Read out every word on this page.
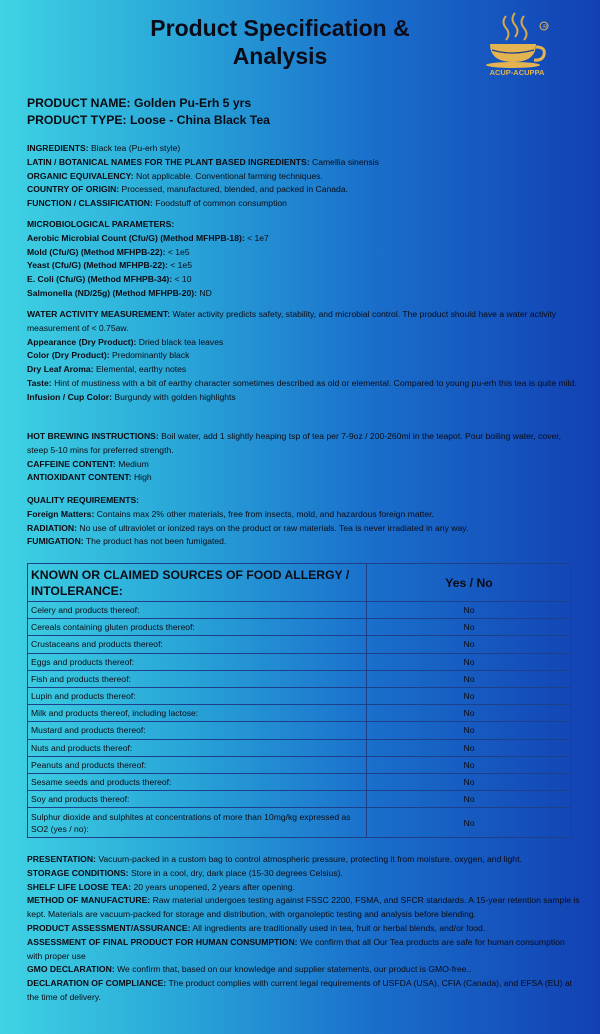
Product Specification &
Analysis
R
ACUP-ACUPPA
PRODUCT NAME: Golden Pu-Erh 5 yrs
PRODUCT TYPE: Loose - China Black Tea
INGREDIENTS: Black tea (Pu-erh style)
LATIN / BOTANICAL NAMES FOR THE PLANT BASED INGREDIENTS: Camellia sinensis
ORGANIC EQUIVALENCY: Not applicable. Conventional farming techniques.
COUNTRY OF ORIGIN: Processed, manufactured, blended, and packed in Canada.
FUNCTION / CLASSIFICATION: Foodstuff of common consumption
MICROBIOLOGICAL PARAMETERS:
Aerobic Microbial Count (Cfu/G) (Method MFHPB-18): < 1e7
Mold (Cfu/G) (Method MFHPB-22): < 1e5
Yeast (Cfu/G) (Method MFHPB-22): < 1e5
E. Coli (Cfu/G) (Method MFHPB-34): < 10
Salmonella (ND/25g) (Method MFHPB-20): ND
WATER ACTIVITY MEASUREMENT: Water activity predicts safety, stability, and microbial control. The product should have a water activity measurement of < 0.75aw.
Appearance (Dry Product): Dried black tea leaves
Color (Dry Product): Predominantly black
Dry Leaf Aroma: Elemental, earthy notes
Taste: Hint of mustiness with a bit of earthy character sometimes described as old or elemental. Compared to young pu-erh this tea is quite mild.
Infusion / Cup Color: Burgundy with golden highlights
HOT BREWING INSTRUCTIONS: Boil water, add 1 slightly heaping tsp of tea per 7-9oz / 200-260ml in the teapot. Pour boiling water, cover, steep 5-10 mins for preferred strength.
CAFFEINE CONTENT: Medium
ANTIOXIDANT CONTENT: High
QUALITY REQUIREMENTS:
Foreign Matters: Contains max 2% other materials, free from insects, mold, and hazardous foreign matter.
RADIATION: No use of ultraviolet or ionized rays on the product or raw materials. Tea is never irradiated in any way.
FUMIGATION: The product has not been fumigated.
KNOWN OR CLAIMED SOURCES OF FOOD ALLERGY / INTOLERANCE:	Yes / No
Celery and products thereof:	No
Cereals containing gluten products thereof:	No
Crustaceans and products thereof:	No
Eggs and products thereof:	No
Fish and products thereof:	No
Lupin and products thereof:	No
Milk and products thereof, including lactose:	No
Mustard and products thereof:	No
Nuts and products thereof:	No
Peanuts and products thereof:	No
Sesame seeds and products thereof:	No
Soy and products thereof:	No
Sulphur dioxide and sulphites at concentrations of more than 10mg/kg expressed as SO2 (yes / no):	No
PRESENTATION: Vacuum-packed in a custom bag to control atmospheric pressure, protecting it from moisture, oxygen, and light.
STORAGE CONDITIONS: Store in a cool, dry, dark place (15-30 degrees Celsius).
SHELF LIFE LOOSE TEA: 20 years unopened, 2 years after opening.
METHOD OF MANUFACTURE: Raw material undergoes testing against FSSC 2200, FSMA, and SFCR standards. A 15-year retention sample is kept. Materials are vacuum-packed for storage and distribution, with organoleptic testing and analysis before blending.
PRODUCT ASSESSMENT/ASSURANCE: All ingredients are traditionally used in tea, fruit or herbal blends, and/or food.
ASSESSMENT OF FINAL PRODUCT FOR HUMAN CONSUMPTION: We confirm that all Our Tea products are safe for human consumption with proper use
GMO DECLARATION: We confirm that, based on our knowledge and supplier statements, our product is GMO-free..
DECLARATION OF COMPLIANCE: The product complies with current legal requirements of USFDA (USA), CFIA (Canada), and EFSA (EU) at the time of delivery.
